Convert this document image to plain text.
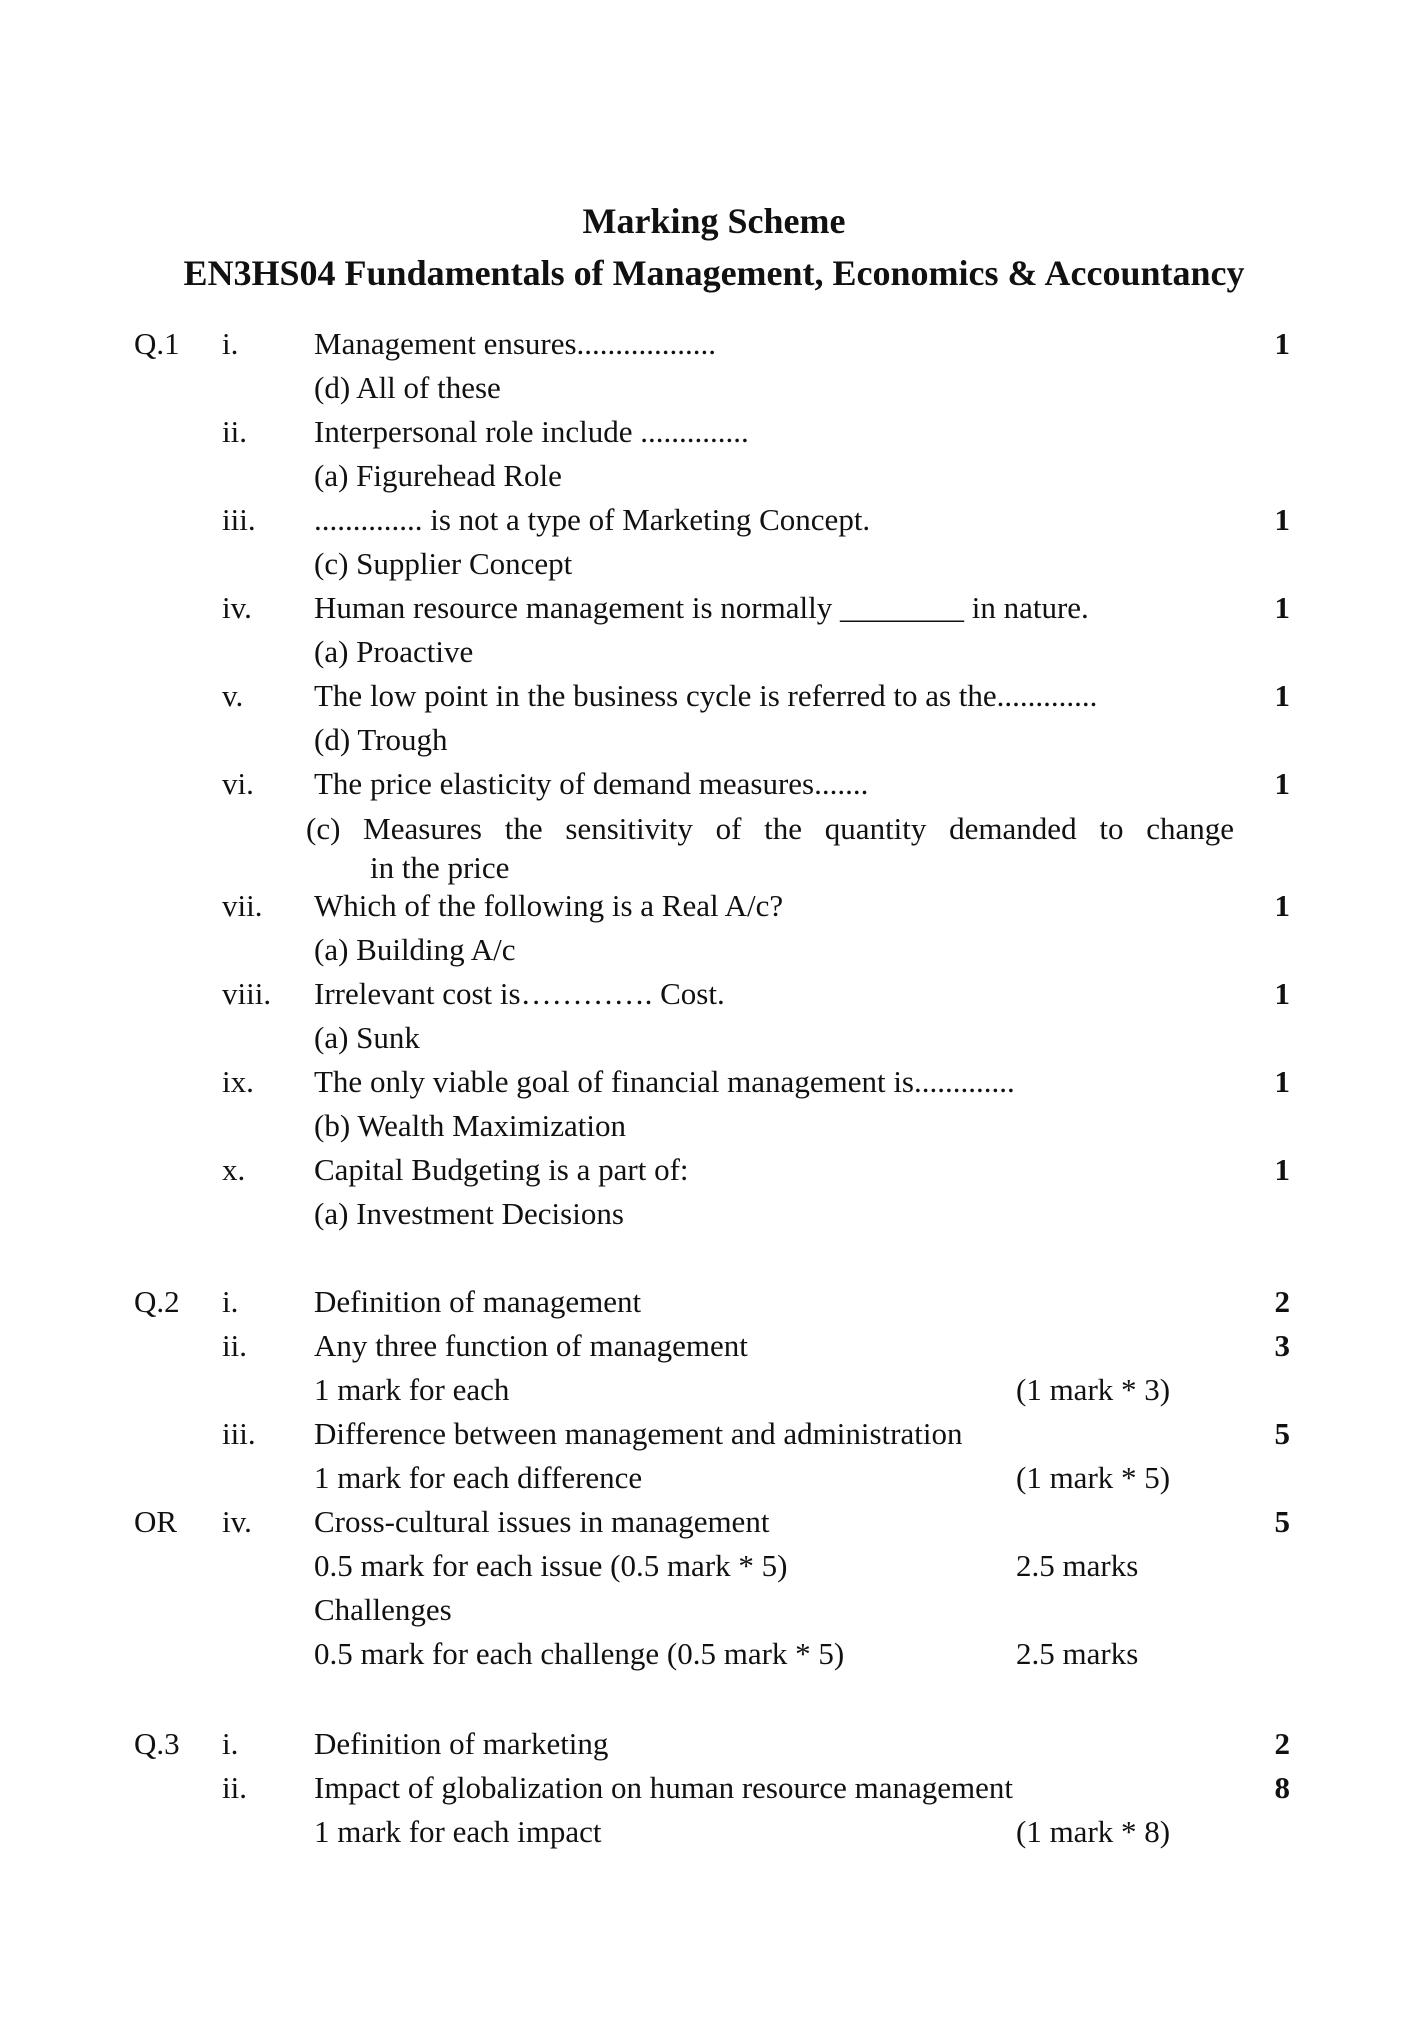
Marking Scheme
EN3HS04 Fundamentals of Management, Economics & Accountancy
Q.1 i. Management ensures..................	1
(d) All of these
ii. Interpersonal role include ..............
(a) Figurehead Role
iii. .............. is not a type of Marketing Concept.	1
(c) Supplier Concept
iv. Human resource management is normally ________ in nature.	1
(a) Proactive
v. The low point in the business cycle is referred to as the.............	1
(d) Trough
vi. The price elasticity of demand measures.......	1
(c) Measures the sensitivity of the quantity demanded to change
in the price
vii. Which of the following is a Real A/c?	1
(a) Building A/c
viii. Irrelevant cost is…………. Cost.	1
(a) Sunk
ix. The only viable goal of financial management is.............	1
(b) Wealth Maximization
x. Capital Budgeting is a part of:	1
(a) Investment Decisions
Q.2 i. Definition of management	2
ii. Any three function of management	3
1 mark for each	(1 mark * 3)
iii. Difference between management and administration	5
1 mark for each difference	(1 mark * 5)
OR iv. Cross-cultural issues in management	5
0.5 mark for each issue (0.5 mark * 5)	2.5 marks
Challenges
0.5 mark for each challenge (0.5 mark * 5)	2.5 marks
Q.3 i. Definition of marketing	2
ii. Impact of globalization on human resource management	8
1 mark for each impact	(1 mark * 8)
